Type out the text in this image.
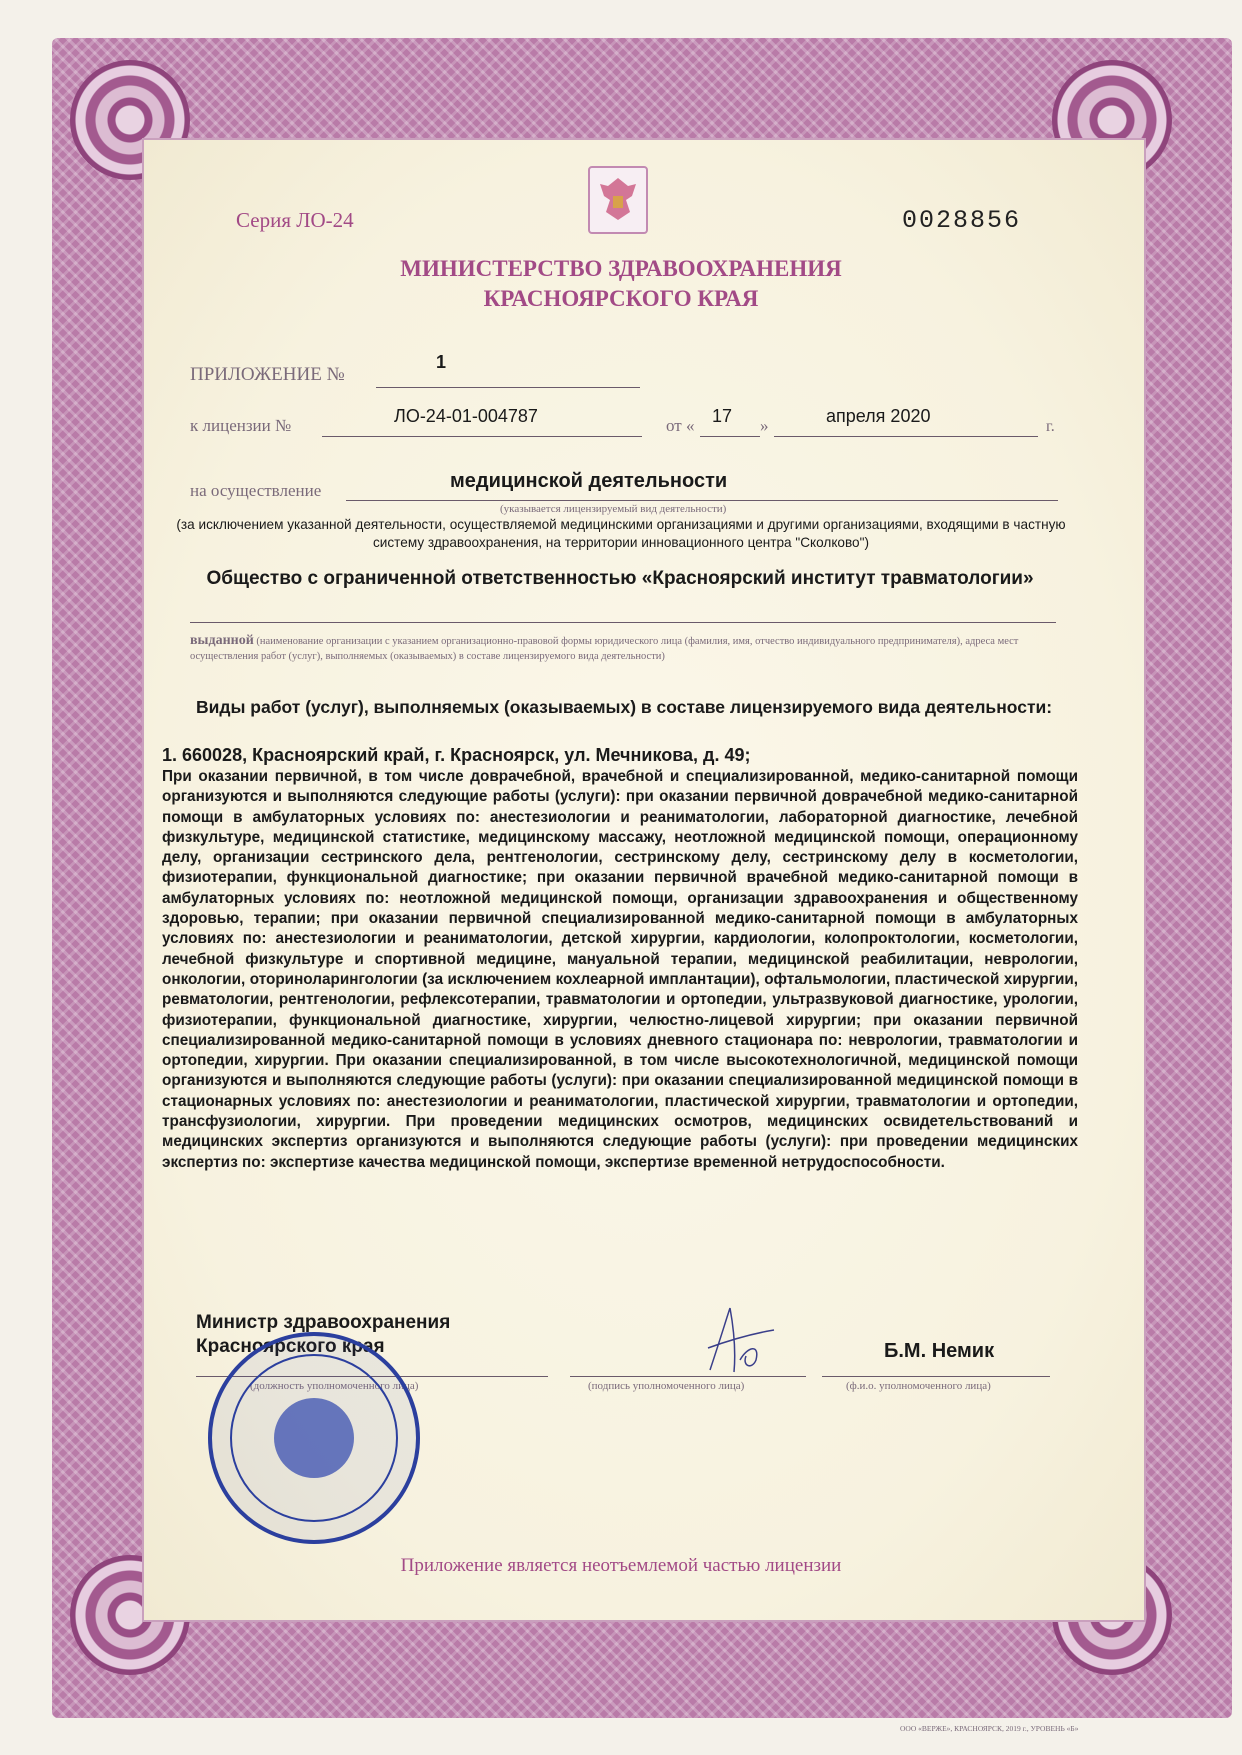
Серия ЛО-24	0028856
МИНИСТЕРСТВО ЗДРАВООХРАНЕНИЯ
КРАСНОЯРСКОГО КРАЯ
ПРИЛОЖЕНИЕ №
1
к лицензии №	ЛО-24-01-004787	от « 17 »	апреля 2020
г.
на осуществление	медицинской деятельности
(указывается лицензируемый вид деятельности)
(за исключением указанной деятельности, осуществляемой медицинскими организациями и другими организациями, входящими в частную систему здравоохранения, на территории инновационного центра "Сколково")
Общество с ограниченной ответственностью «Красноярский институт травматологии»
выданной (наименование организации с указанием организационно-правовой формы юридического лица (фамилия, имя, отчество индивидуального предпринимателя), адреса мест осуществления работ (услуг), выполняемых (оказываемых) в составе лицензируемого вида деятельности)
Виды работ (услуг), выполняемых (оказываемых) в составе лицензируемого вида деятельности:
1. 660028, Красноярский край, г. Красноярск, ул. Мечникова, д. 49;
При оказании первичной, в том числе доврачебной, врачебной и специализированной, медико-санитарной помощи организуются и выполняются следующие работы (услуги): при оказании первичной доврачебной медико-санитарной помощи в амбулаторных условиях по: анестезиологии и реаниматологии, лабораторной диагностике, лечебной физкультуре, медицинской статистике, медицинскому массажу, неотложной медицинской помощи, операционному делу, организации сестринского дела, рентгенологии, сестринскому делу, сестринскому делу в косметологии, физиотерапии, функциональной диагностике; при оказании первичной врачебной медико-санитарной помощи в амбулаторных условиях по: неотложной медицинской помощи, организации здравоохранения и общественному здоровью, терапии; при оказании первичной специализированной медико-санитарной помощи в амбулаторных условиях по: анестезиологии и реаниматологии, детской хирургии, кардиологии, колопроктологии, косметологии, лечебной физкультуре и спортивной медицине, мануальной терапии, медицинской реабилитации, неврологии, онкологии, оториноларингологии (за исключением кохлеарной имплантации), офтальмологии, пластической хирургии, ревматологии, рентгенологии, рефлексотерапии, травматологии и ортопедии, ультразвуковой диагностике, урологии, физиотерапии, функциональной диагностике, хирургии, челюстно-лицевой хирургии; при оказании первичной специализированной медико-санитарной помощи в условиях дневного стационара по: неврологии, травматологии и ортопедии, хирургии. При оказании специализированной, в том числе высокотехнологичной, медицинской помощи организуются и выполняются следующие работы (услуги): при оказании специализированной медицинской помощи в стационарных условиях по: анестезиологии и реаниматологии, пластической хирургии, травматологии и ортопедии, трансфузиологии, хирургии. При проведении медицинских осмотров, медицинских освидетельствований и медицинских экспертиз организуются и выполняются следующие работы (услуги): при проведении медицинских экспертиз по: экспертизе качества медицинской помощи, экспертизе временной нетрудоспособности.
Министр здравоохранения
Красноярского края
(должность уполномоченного лица)	(подпись уполномоченного лица)
Б.М. Немик
(ф.и.о. уполномоченного лица)
Приложение является неотъемлемой частью лицензии
ООО «ВЕРЖЕ», КРАСНОЯРСК, 2019 г., УРОВЕНЬ «Б»
